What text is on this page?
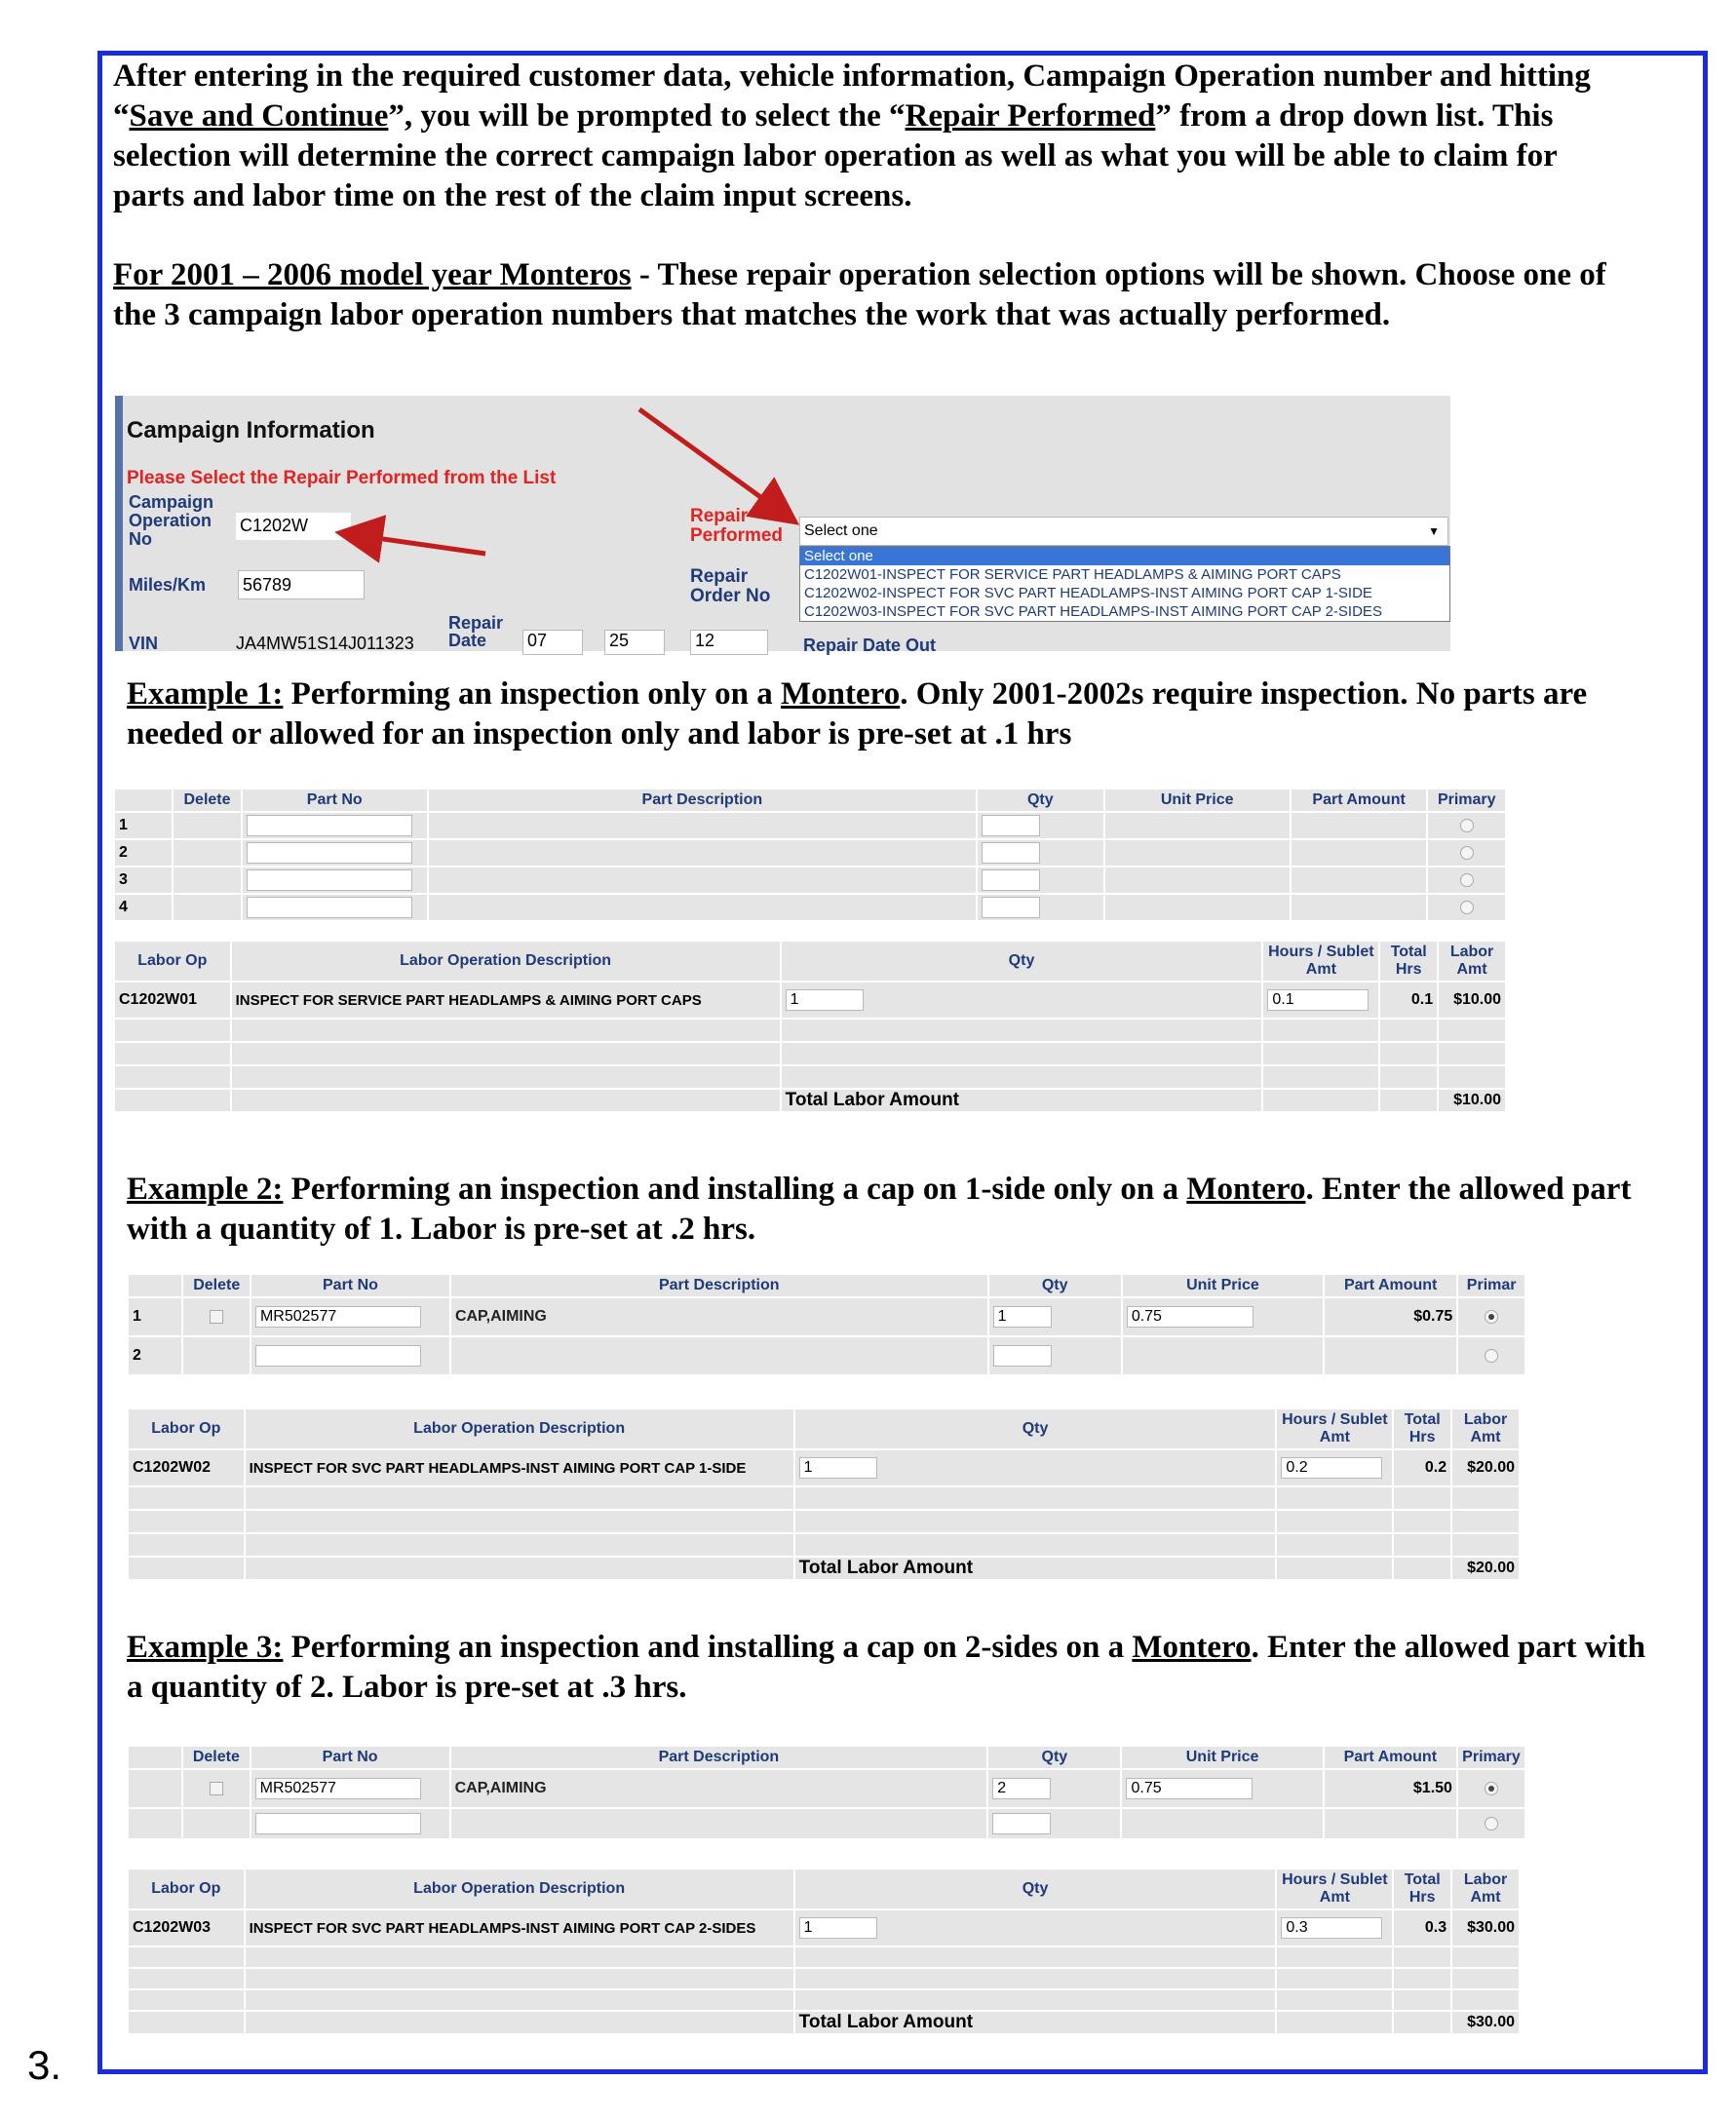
3.

After entering in the required customer data, vehicle information, Campaign Operation number and hitting “Save and Continue”, you will be prompted to select the “Repair Performed” from a drop down list. This selection will determine the correct campaign labor operation as well as what you will be able to claim for parts and labor time on the rest of the claim input screens.

For 2001 – 2006 model year Monteros - These repair operation selection options will be shown. Choose one of the 3 campaign labor operation numbers that matches the work that was actually performed.

Campaign Information
Please Select the Repair Performed from the List
Campaign Operation No
C1202W
Miles/Km 56789
VIN	JA4MW51S14J011323
Repair Date	07	25
Repair Performed
Repair Order No
12	Repair Date Out
Select one	▼
Select one
C1202W01-INSPECT FOR SERVICE PART HEADLAMPS & AIMING PORT CAPS
C1202W02-INSPECT FOR SVC PART HEADLAMPS-INST AIMING PORT CAP 1-SIDE
C1202W03-INSPECT FOR SVC PART HEADLAMPS-INST AIMING PORT CAP 2-SIDES

Example 1: Performing an inspection only on a Montero. Only 2001-2002s require inspection. No parts are needed or allowed for an inspection only and labor is pre-set at .1 hrs

	Delete	Part No	Part Description	Qty	Unit Price	Part Amount	Primary
1							
2							
3							
4							
Labor Op	Labor Operation Description	Qty	Hours / Sublet Amt	Total Hrs	Labor Amt
C1202W01	INSPECT FOR SERVICE PART HEADLAMPS & AIMING PORT CAPS	1	0.1	0.1	$10.00

		Total Labor Amount			$10.00

Example 2: Performing an inspection and installing a cap on 1-side only on a Montero. Enter the allowed part with a quantity of 1. Labor is pre-set at .2 hrs.

	Delete	Part No	Part Description	Qty	Unit Price	Part Amount	Primar
1		MR502577	CAP,AIMING	1	0.75	$0.75	
2							
Labor Op	Labor Operation Description	Qty	Hours / Sublet Amt	Total Hrs	Labor Amt
C1202W02	INSPECT FOR SVC PART HEADLAMPS-INST AIMING PORT CAP 1-SIDE	1	0.2	0.2	$20.00

		Total Labor Amount			$20.00

Example 3: Performing an inspection and installing a cap on 2-sides on a Montero. Enter the allowed part with a quantity of 2. Labor is pre-set at .3 hrs.

	Delete	Part No	Part Description	Qty	Unit Price	Part Amount	Primary
		MR502577	CAP,AIMING	2	0.75	$1.50	

Labor Op	Labor Operation Description	Qty	Hours / Sublet Amt	Total Hrs	Labor Amt
C1202W03	INSPECT FOR SVC PART HEADLAMPS-INST AIMING PORT CAP 2-SIDES	1	0.3	0.3	$30.00

		Total Labor Amount			$30.00
